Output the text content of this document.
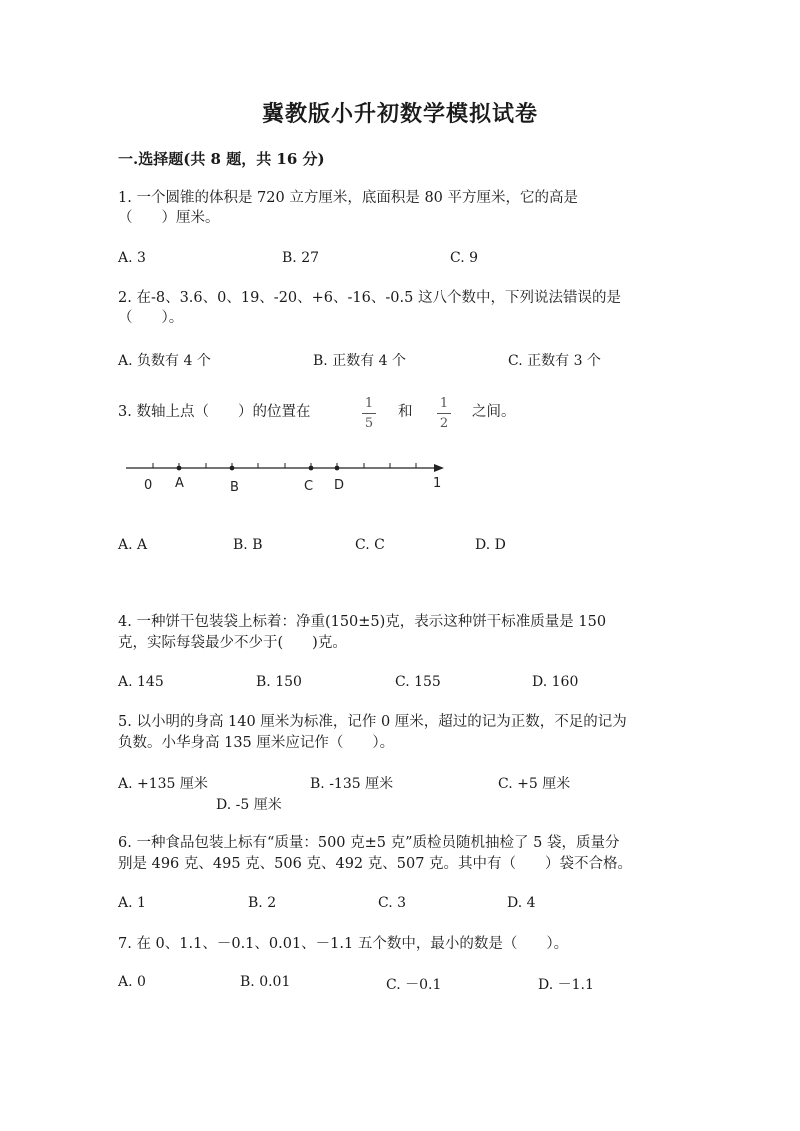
冀教版小升初数学模拟试卷
一.选择题(共 8 题，共 16 分)
1. 一个圆锥的体积是 720 立方厘米，底面积是 80 平方厘米，它的高是
（　　）厘米。
A. 3	B. 27	C. 9
2. 在-8、3.6、0、19、-20、+6、-16、-0.5 这八个数中，下列说法错误的是
（　　）。
A. 负数有 4 个	B. 正数有 4 个	C. 正数有 3 个
3. 数轴上点（　　）的位置在
1
5
和
1
2
之间。
0 A	B	C D	1
A. A	B. B	C. C	D. D
4. 一种饼干包装袋上标着：净重(150±5)克，表示这种饼干标准质量是 150
克，实际每袋最少不少于(　　)克。
A. 145	B. 150	C. 155	D. 160
5. 以小明的身高 140 厘米为标准，记作 0 厘米，超过的记为正数，不足的记为
负数。小华身高 135 厘米应记作（　　）。
A. +135 厘米	B. -135 厘米	C. +5 厘米
D. -5 厘米
6. 一种食品包装上标有“质量：500 克±5 克”质检员随机抽检了 5 袋，质量分
别是 496 克、495 克、506 克、492 克、507 克。其中有（　　）袋不合格。
A. 1	B. 2	C. 3	D. 4
7. 在 0、1.1、－0.1、0.01、－1.1 五个数中，最小的数是（　　）。
A. 0	B. 0.01	C. －0.1	D. －1.1
